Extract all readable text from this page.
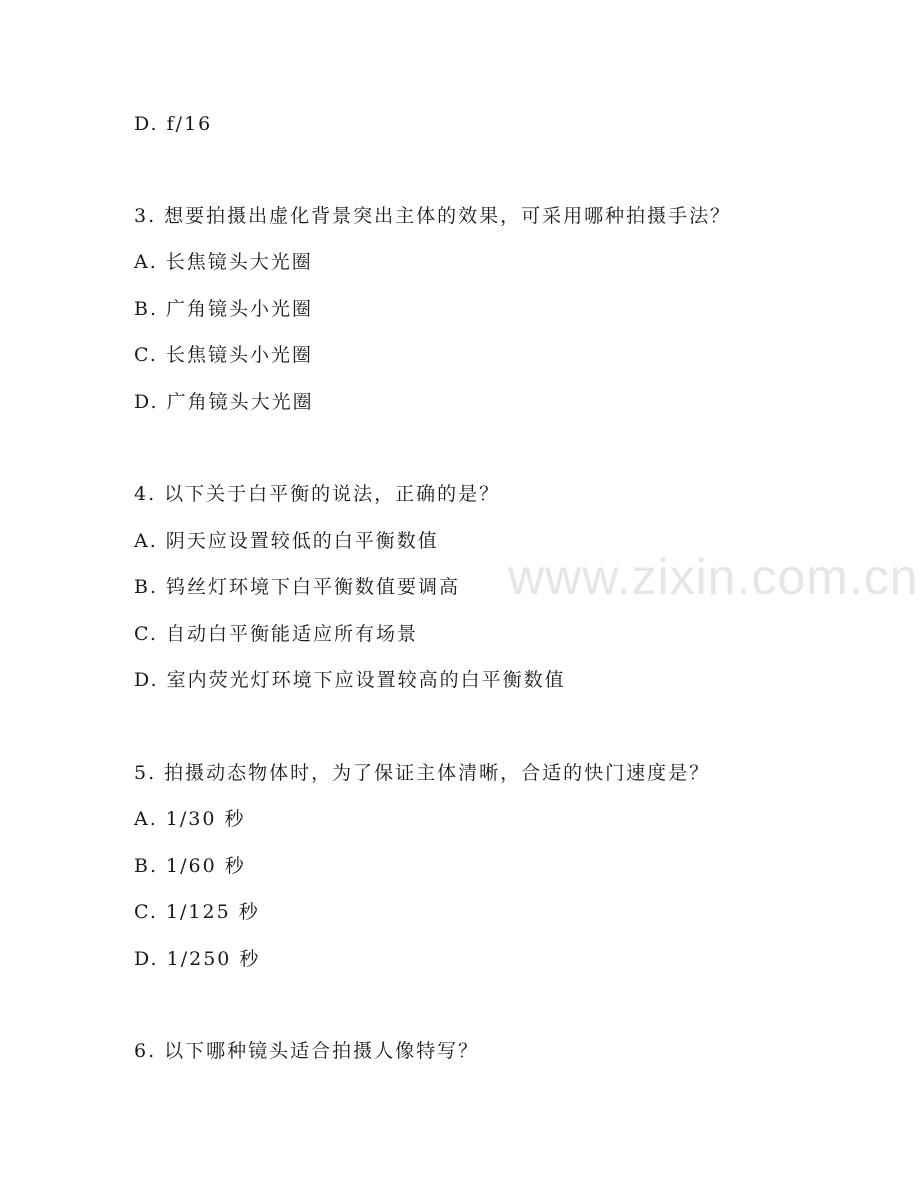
www.zixin.com.cn
D. f/16
3. 想要拍摄出虚化背景突出主体的效果，可采用哪种拍摄手法？
A. 长焦镜头大光圈
B. 广角镜头小光圈
C. 长焦镜头小光圈
D. 广角镜头大光圈
4. 以下关于白平衡的说法，正确的是？
A. 阴天应设置较低的白平衡数值
B. 钨丝灯环境下白平衡数值要调高
C. 自动白平衡能适应所有场景
D. 室内荧光灯环境下应设置较高的白平衡数值
5. 拍摄动态物体时，为了保证主体清晰，合适的快门速度是？
A. 1/30 秒
B. 1/60 秒
C. 1/125 秒
D. 1/250 秒
6. 以下哪种镜头适合拍摄人像特写？
